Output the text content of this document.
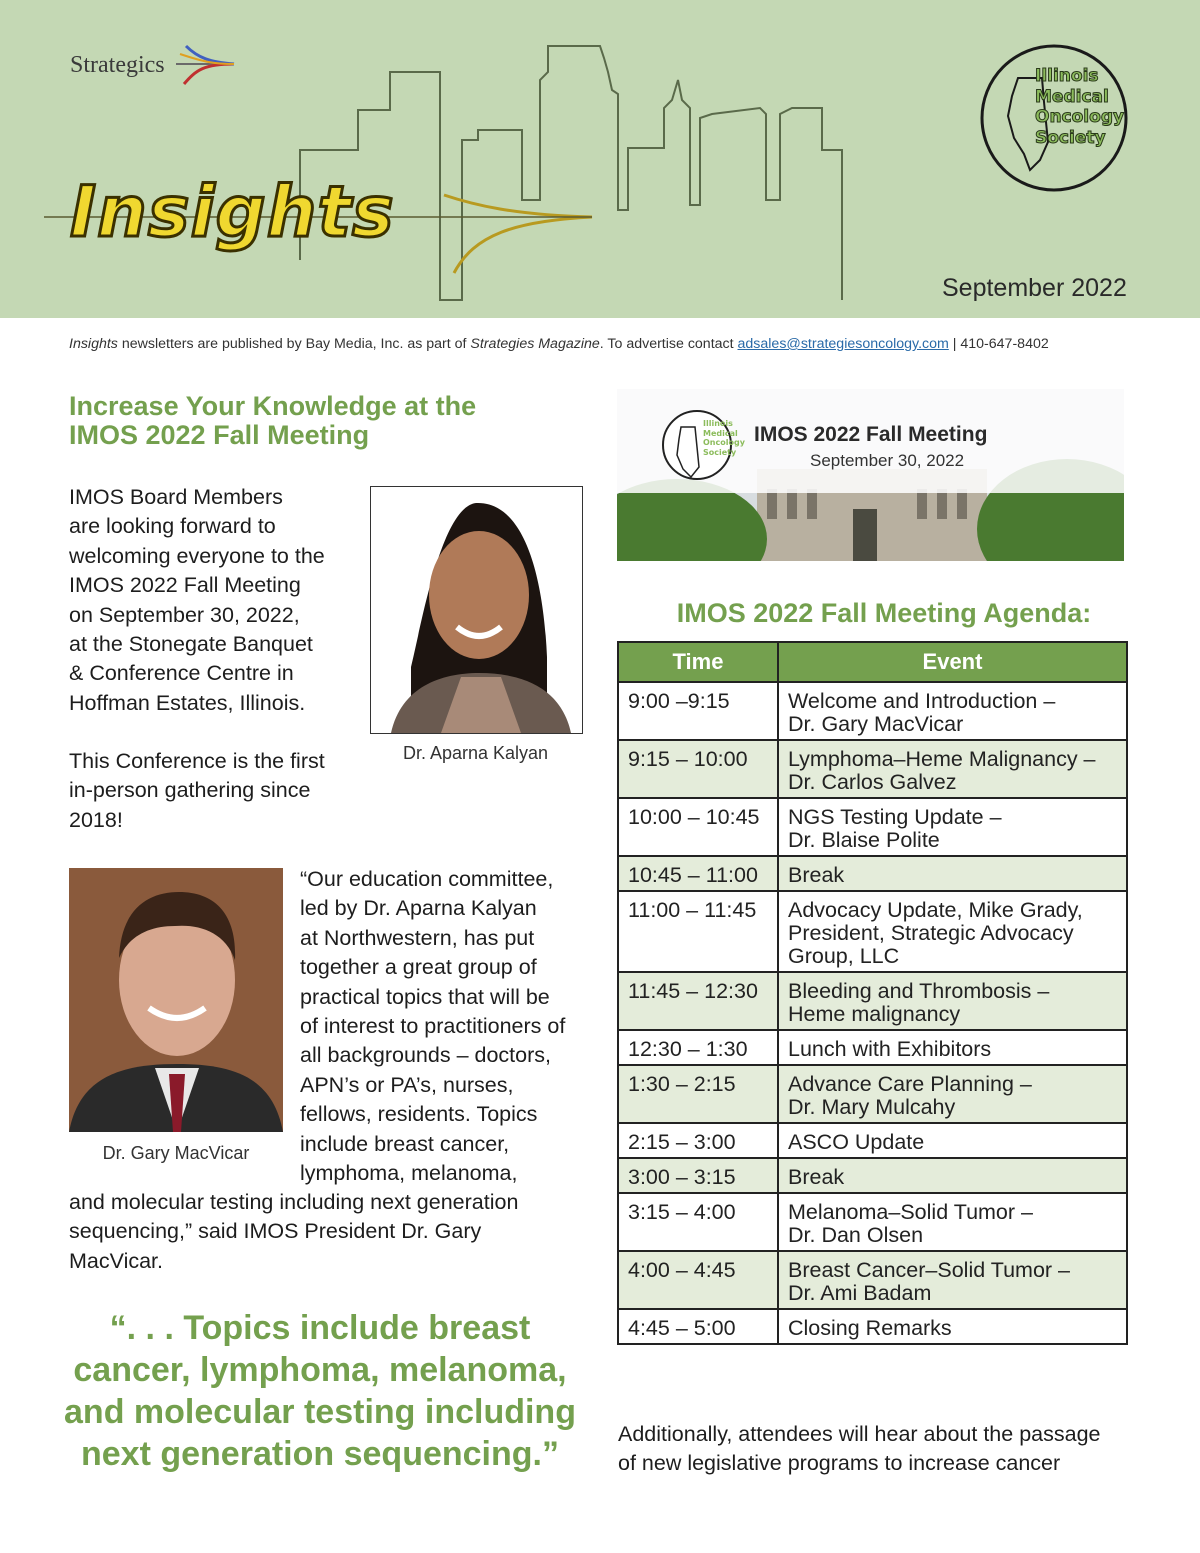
Strategics
Insights
Illinois
Medical
Oncology
Society
September 2022
Insights newsletters are published by Bay Media, Inc. as part of Strategies Magazine. To advertise contact adsales@strategiesoncology.com | 410-647-8402
Increase Your Knowledge at the IMOS 2022 Fall Meeting
IMOS Board Members
are looking forward to
welcoming everyone to the
IMOS 2022 Fall Meeting
on September 30, 2022,
at the Stonegate Banquet
& Conference Centre in
Hoffman Estates, Illinois.
This Conference is the first
in-person gathering since
2018!
Dr. Aparna Kalyan
Dr. Gary MacVicar
“Our education committee,
led by Dr. Aparna Kalyan
at Northwestern, has put
together a great group of
practical topics that will be
of interest to practitioners of
all backgrounds – doctors,
APN’s or PA’s, nurses,
fellows, residents. Topics
include breast cancer,
lymphoma, melanoma,
and molecular testing including next generation
sequencing,” said IMOS President Dr. Gary
MacVicar.
“. . . Topics include breast cancer, lymphoma, melanoma, and molecular testing including next generation sequencing.”
IMOS 2022 Fall Meeting
September 30, 2022
Illinois
Medical
Oncology
Society
IMOS 2022 Fall Meeting Agenda:
Time	Event
9:00 –9:15	Welcome and Introduction –
Dr. Gary MacVicar

9:15 – 10:00	Lymphoma–Heme Malignancy –
Dr. Carlos Galvez

10:00 – 10:45	NGS Testing Update –
Dr. Blaise Polite

10:45 – 11:00	Break

11:00 – 11:45	Advocacy Update, Mike Grady,
President, Strategic Advocacy
Group, LLC

11:45 – 12:30	Bleeding and Thrombosis –
Heme malignancy

12:30 – 1:30	Lunch with Exhibitors

1:30 – 2:15	Advance Care Planning –
Dr. Mary Mulcahy

2:15 – 3:00	ASCO Update

3:00 – 3:15	Break

3:15 – 4:00	Melanoma–Solid Tumor –
Dr. Dan Olsen

4:00 – 4:45	Breast Cancer–Solid Tumor –
Dr. Ami Badam

4:45 – 5:00	Closing Remarks
Additionally, attendees will hear about the passage
of new legislative programs to increase cancer
